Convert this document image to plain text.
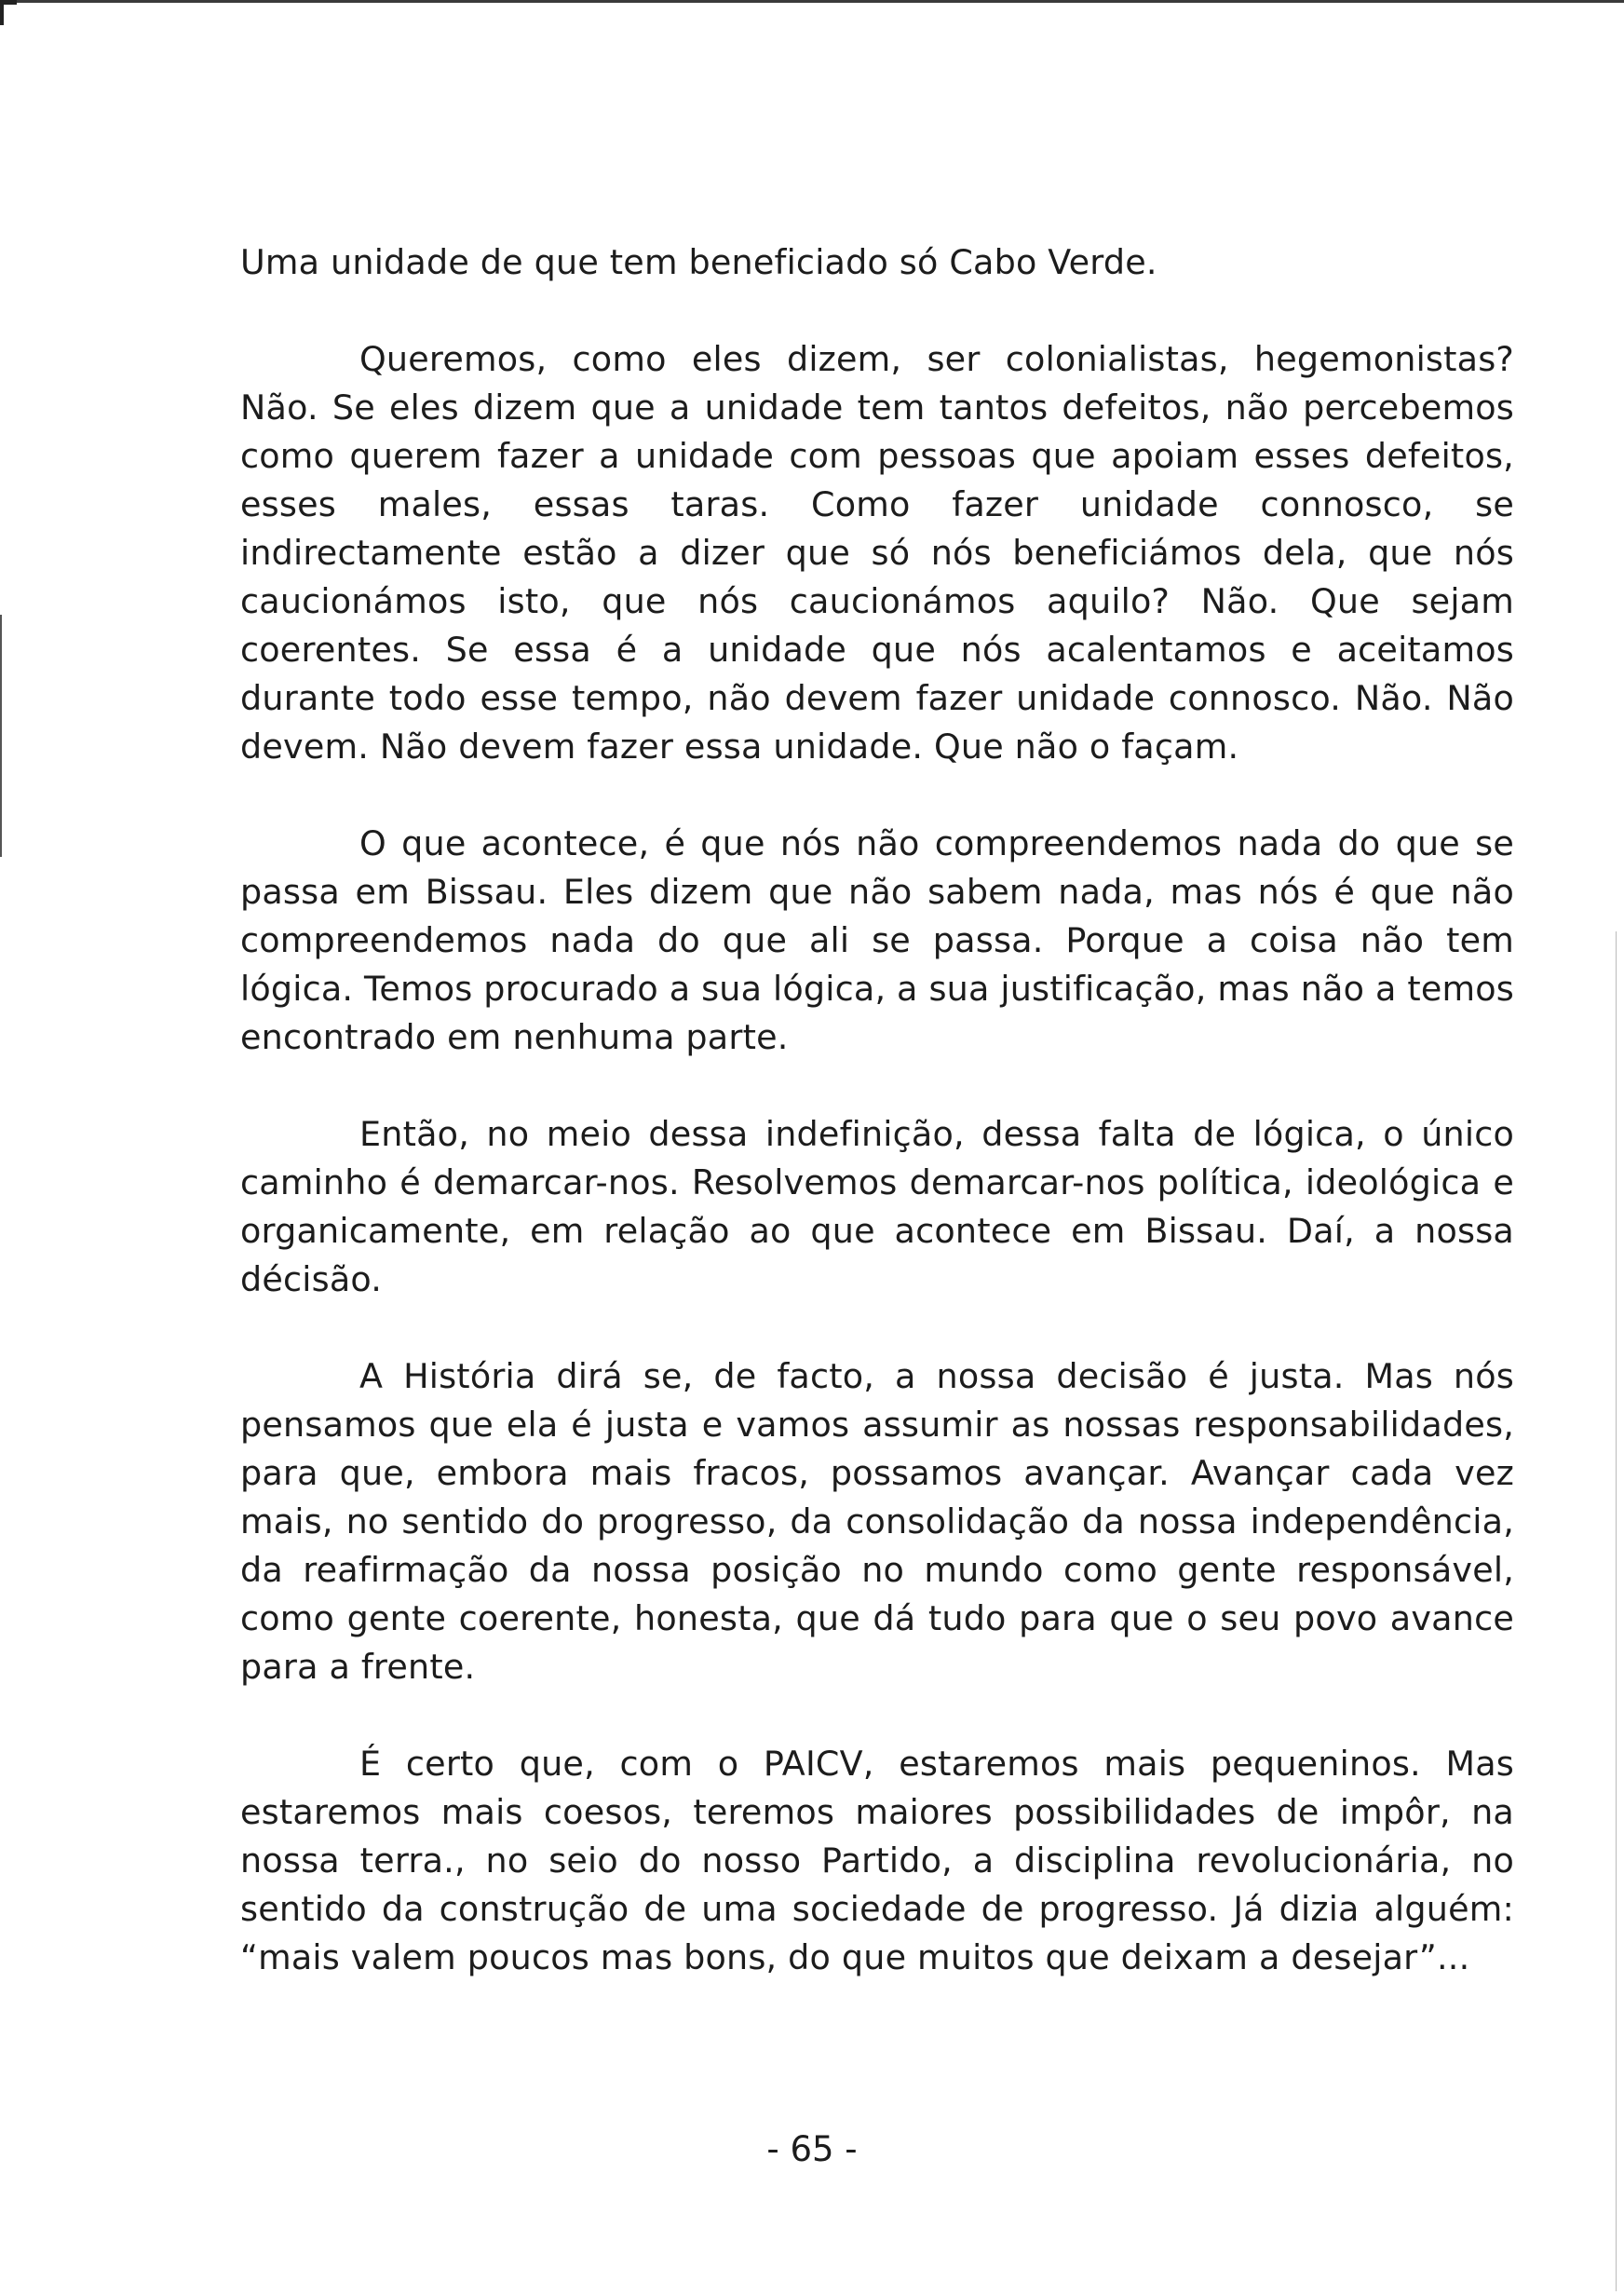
Uma unidade de que tem beneficiado só Cabo Verde.

Queremos, como eles dizem, ser colonialistas, hegemonistas? Não. Se eles dizem que a unidade tem tantos defeitos, não percebemos como querem fazer a unidade com pessoas que apoiam esses defeitos, esses males, essas taras. Como fazer unidade connosco, se indirectamente estão a dizer que só nós beneficiámos dela, que nós caucionámos isto, que nós caucionámos aquilo? Não. Que sejam coerentes. Se essa é a unidade que nós acalentamos e aceitamos durante todo esse tempo, não devem fazer unidade connosco. Não. Não devem. Não devem fazer essa unidade. Que não o façam.

O que acontece, é que nós não compreendemos nada do que se passa em Bissau. Eles dizem que não sabem nada, mas nós é que não compreendemos nada do que ali se passa. Porque a coisa não tem lógica. Temos procurado a sua lógica, a sua justificação, mas não a temos encontrado em nenhuma parte.

Então, no meio dessa indefinição, dessa falta de lógica, o único caminho é demarcar-nos. Resolvemos demarcar-nos política, ideológica e organicamente, em relação ao que acontece em Bissau. Daí, a nossa décisão.

A História dirá se, de facto, a nossa decisão é justa. Mas nós pensamos que ela é justa e vamos assumir as nossas responsabilidades, para que, embora mais fracos, possamos avançar. Avançar cada vez mais, no sentido do progresso, da consolidação da nossa independência, da reafirmação da nossa posição no mundo como gente responsável, como gente coerente, honesta, que dá tudo para que o seu povo avance para a frente.

É certo que, com o PAICV, estaremos mais pequeninos. Mas estaremos mais coesos, teremos maiores possibilidades de impôr, na nossa terra., no seio do nosso Partido, a disciplina revolucionária, no sentido da construção de uma sociedade de progresso. Já dizia alguém: “mais valem poucos mas bons, do que muitos que deixam a desejar”...

- 65 -
